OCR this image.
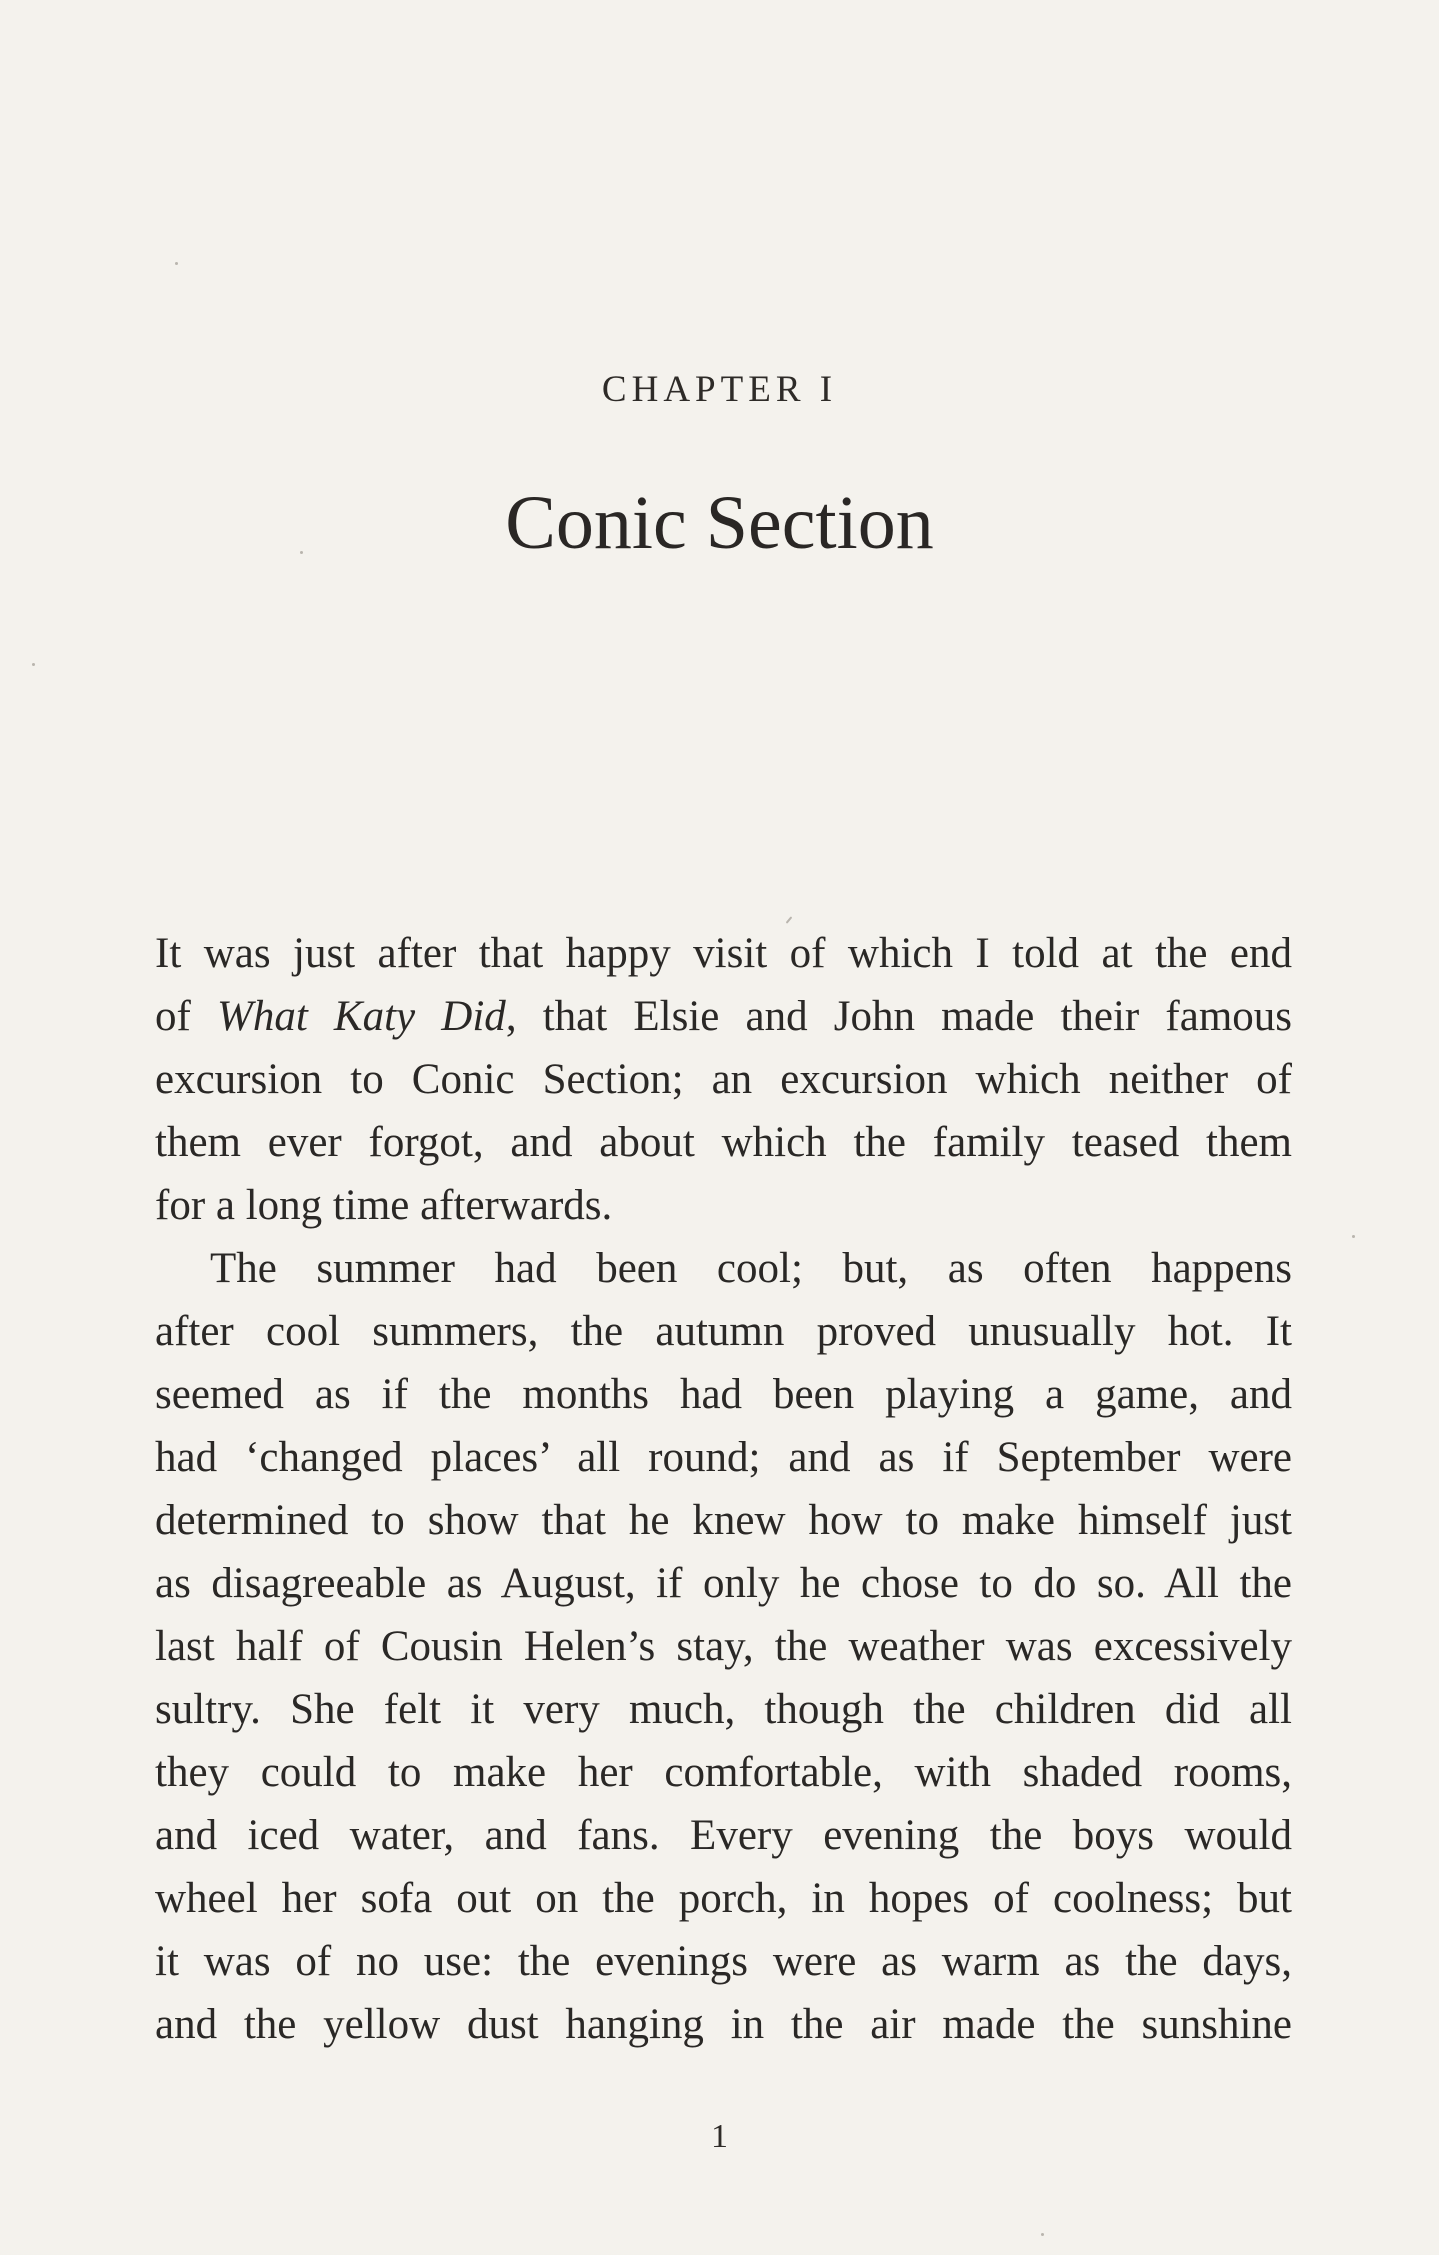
CHAPTER I
Conic Section
It was just after that happy visit of which I told at the end
of What Katy Did, that Elsie and John made their famous
excursion to Conic Section; an excursion which neither of
them ever forgot, and about which the family teased them
for a long time afterwards.
The summer had been cool; but, as often happens
after cool summers, the autumn proved unusually hot. It
seemed as if the months had been playing a game, and
had ‘changed places’ all round; and as if September were
determined to show that he knew how to make himself just
as disagreeable as August, if only he chose to do so. All the
last half of Cousin Helen’s stay, the weather was excessively
sultry. She felt it very much, though the children did all
they could to make her comfortable, with shaded rooms,
and iced water, and fans. Every evening the boys would
wheel her sofa out on the porch, in hopes of coolness; but
it was of no use: the evenings were as warm as the days,
and the yellow dust hanging in the air made the sunshine
1
